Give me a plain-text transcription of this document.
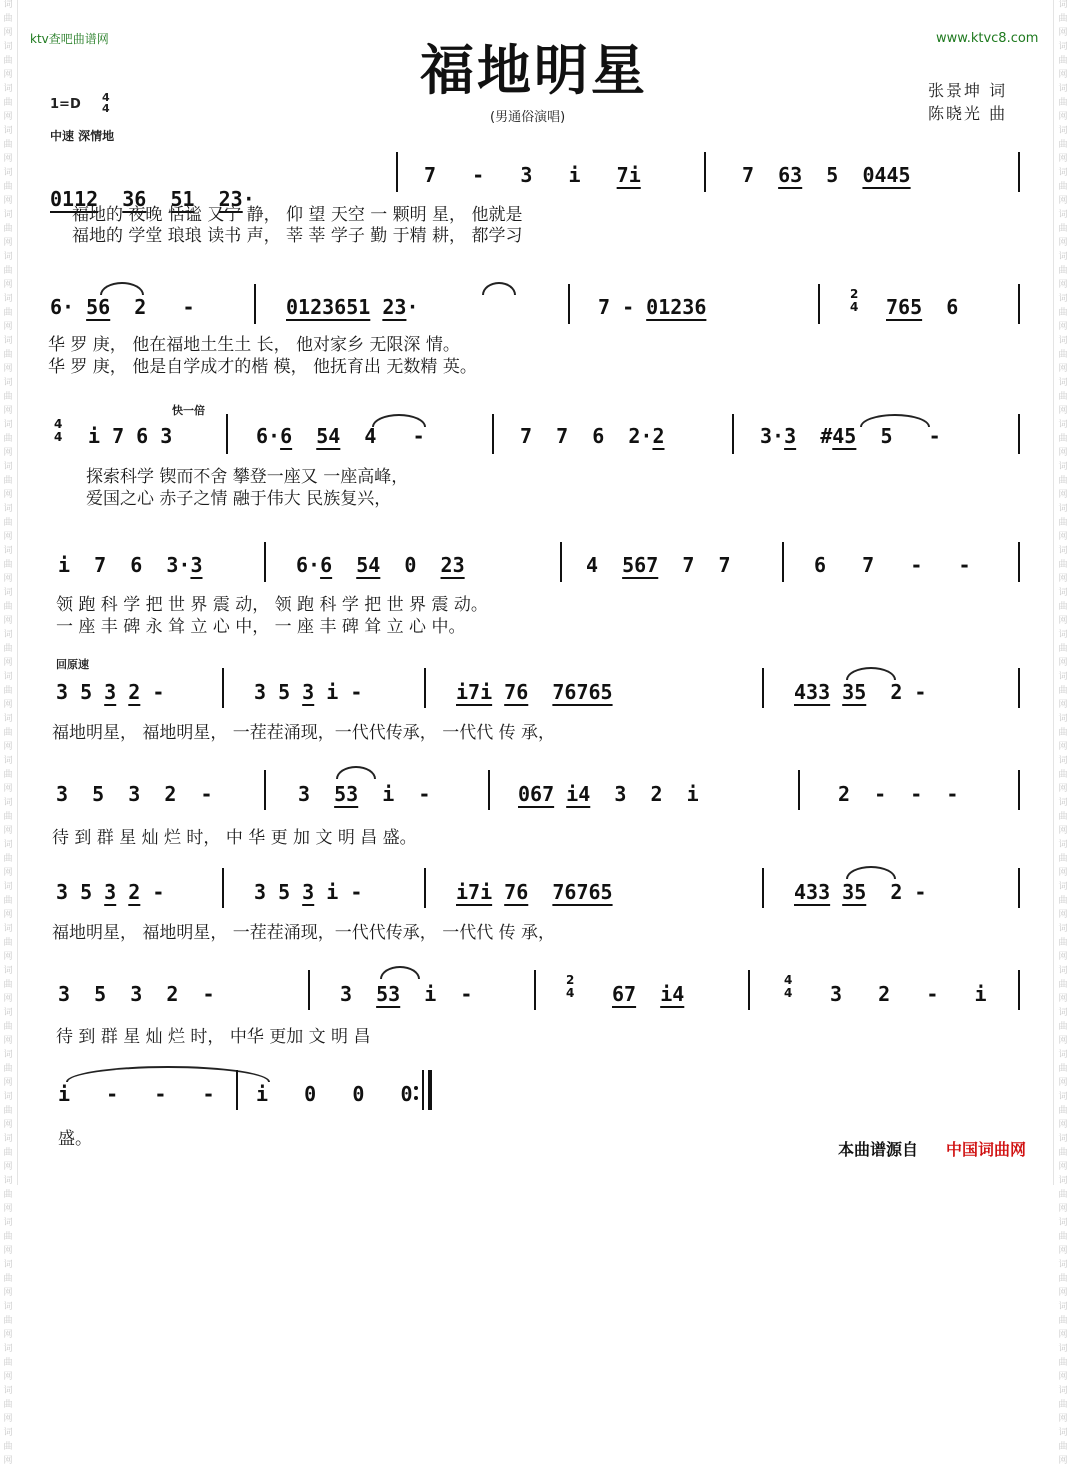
词
曲
网
词
曲
网
词
曲
网
词
曲
网
词
曲
网
词
曲
网
词
曲
网
词
曲
网
词
曲
网
词
曲
网
词
曲
网
词
曲
网
词
曲
网
词
曲
网
词
曲
网
词
曲
网
词
曲
网
词
曲
网
词
曲
网
词
曲
网
词
曲
网
词
曲
网
词
曲
网
词
曲
网
词
曲
网
词
曲
网
词
曲
网
词
曲
网
词
曲
网
词
曲
网
词
曲
网
词
曲
网
词
曲
网
词
曲
网
词
曲
网
词
曲
网
词
曲
网
词
曲
网
词
曲
网
词
曲
网
词
曲
网
词
曲
网
词
曲
网
词
曲
网
词
曲
网
词
曲
网
词
曲
网
词
曲
网
词
曲
网
词
曲
网
词
曲
网
词
曲
网
词
曲
网
词
曲
网
词
曲
网
词
曲
网
词
曲
网
词
曲
网
词
曲
网
词
曲
网
词
曲
网
词
曲
网
词
曲
网
词
曲
网
词
曲
网
词
曲
网
词
曲
网
词
曲
网
词
曲
网
词
曲
网
ktv查吧曲谱网	www.ktvc8.com
福地明星
(男通俗演唱)
张景坤 词
陈晓光 曲
1=D 4
4
中速 深情地

0112 36 51 23·
7   -   3   i   7i	7  63  5  0445
福地的 夜晚 恬谧 又宁 静， 仰 望 天空 一 颗明 星， 他就是
福地的 学堂 琅琅 读书 声， 莘 莘 学子 勤 于精 耕， 都学习
6· 56  2   -	0123651 23·	7 - 01236
2
4 765  6
华 罗 庚， 他在福地土生土 长， 他对家乡 无限深 情。
华 罗 庚， 他是自学成才的楷 模， 他抚育出 无数精 英。
快一倍
4
4 i 7 6 3	6·6 54  4   -	7  7  6  2·2	3·3  #45  5   -
探索科学 锲而不舍 攀登一座又 一座高峰，
爱国之心 赤子之情 融于伟大 民族复兴，
i  7  6  3·3	6·6 54  0  23	4  567  7  7	6   7   -   -
领 跑 科 学 把 世 界 震 动， 领 跑 科 学 把 世 界 震 动。
一 座 丰 碑 永 耸 立 心 中， 一 座 丰 碑 耸 立 心 中。
回原速
3 5 3 2 -	3 5 3 i -	i7i 76 76765	433 35  2 -
福地明星， 福地明星， 一茬茬涌现，一代代传承， 一代代 传 承，
3  5  3  2  -	3  53  i  -	067 i4  3  2  i	2  -  -  -
待 到 群 星 灿 烂 时， 中 华 更 加 文 明 昌 盛。
3 5 3 2 -	3 5 3 i -	i7i 76 76765	433 35  2 -
福地明星， 福地明星， 一茬茬涌现，一代代传承， 一代代 传 承，
3  5  3  2  -	3  53  i  -
2
4 67 i4
4
4 3   2   -   i
待 到 群 星 灿 烂 时， 中华 更加 文 明 昌
i   -   -   - i   0   0   0
盛。
本曲谱源自 中国词曲网
